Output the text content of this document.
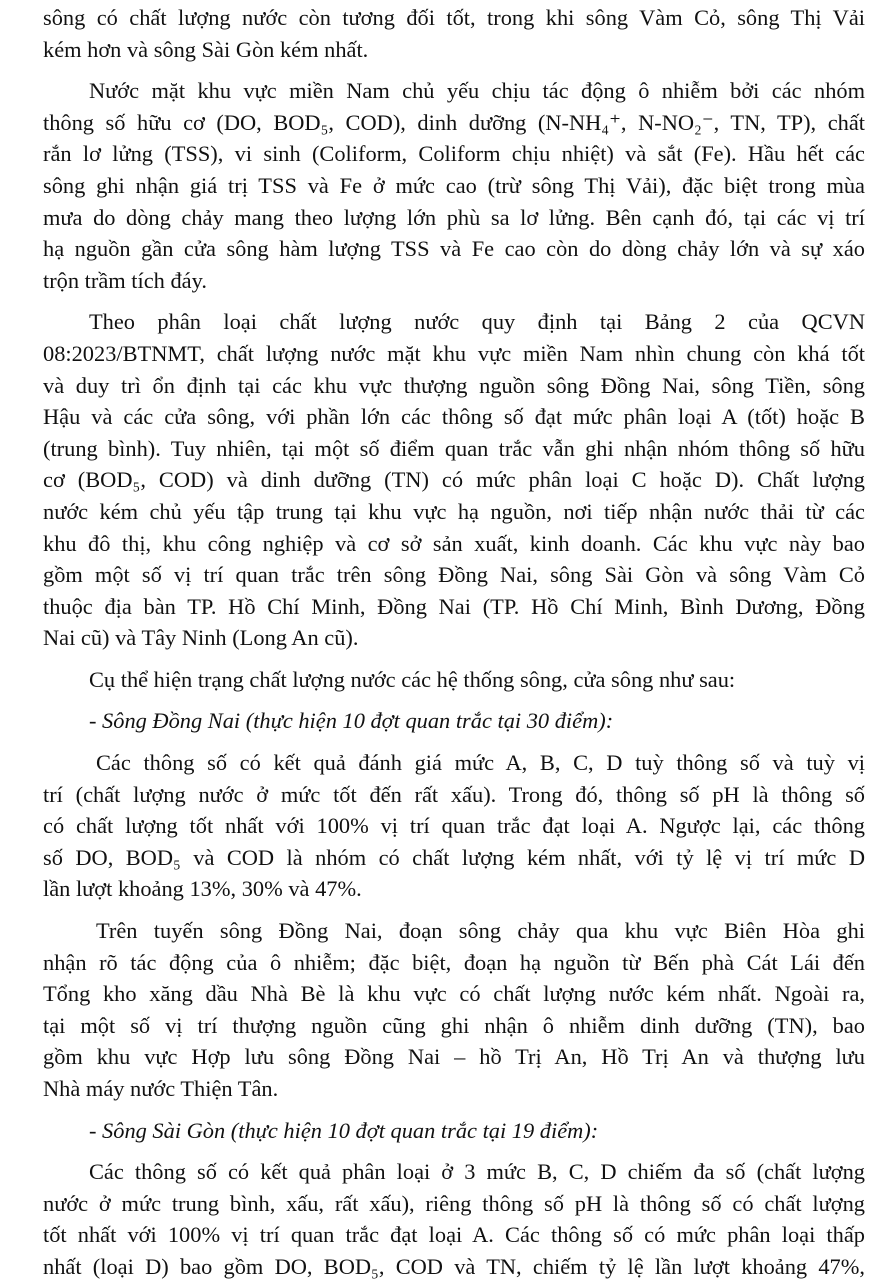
sông có chất lượng nước còn tương đối tốt, trong khi sông Vàm Cỏ, sông Thị Vải
kém hơn và sông Sài Gòn kém nhất.
Nước mặt khu vực miền Nam chủ yếu chịu tác động ô nhiễm bởi các nhóm
thông số hữu cơ (DO, BOD₅, COD), dinh dưỡng (N-NH₄⁺, N-NO₂⁻, TN, TP), chất
rắn lơ lửng (TSS), vi sinh (Coliform, Coliform chịu nhiệt) và sắt (Fe). Hầu hết các
sông ghi nhận giá trị TSS và Fe ở mức cao (trừ sông Thị Vải), đặc biệt trong mùa
mưa do dòng chảy mang theo lượng lớn phù sa lơ lửng. Bên cạnh đó, tại các vị trí
hạ nguồn gần cửa sông hàm lượng TSS và Fe cao còn do dòng chảy lớn và sự xáo
trộn trầm tích đáy.
Theo phân loại chất lượng nước quy định tại Bảng 2 của QCVN
08:2023/BTNMT, chất lượng nước mặt khu vực miền Nam nhìn chung còn khá tốt
và duy trì ổn định tại các khu vực thượng nguồn sông Đồng Nai, sông Tiền, sông
Hậu và các cửa sông, với phần lớn các thông số đạt mức phân loại A (tốt) hoặc B
(trung bình). Tuy nhiên, tại một số điểm quan trắc vẫn ghi nhận nhóm thông số hữu
cơ (BOD₅, COD) và dinh dưỡng (TN) có mức phân loại C hoặc D). Chất lượng
nước kém chủ yếu tập trung tại khu vực hạ nguồn, nơi tiếp nhận nước thải từ các
khu đô thị, khu công nghiệp và cơ sở sản xuất, kinh doanh. Các khu vực này bao
gồm một số vị trí quan trắc trên sông Đồng Nai, sông Sài Gòn và sông Vàm Cỏ
thuộc địa bàn TP. Hồ Chí Minh, Đồng Nai (TP. Hồ Chí Minh, Bình Dương, Đồng
Nai cũ) và Tây Ninh (Long An cũ).
Cụ thể hiện trạng chất lượng nước các hệ thống sông, cửa sông như sau:
- Sông Đồng Nai (thực hiện 10 đợt quan trắc tại 30 điểm):
Các thông số có kết quả đánh giá mức A, B, C, D tuỳ thông số và tuỳ vị
trí (chất lượng nước ở mức tốt đến rất xấu). Trong đó, thông số pH là thông số
có chất lượng tốt nhất với 100% vị trí quan trắc đạt loại A. Ngược lại, các thông
số DO, BOD₅ và COD là nhóm có chất lượng kém nhất, với tỷ lệ vị trí mức D
lần lượt khoảng 13%, 30% và 47%.
Trên tuyến sông Đồng Nai, đoạn sông chảy qua khu vực Biên Hòa ghi
nhận rõ tác động của ô nhiễm; đặc biệt, đoạn hạ nguồn từ Bến phà Cát Lái đến
Tổng kho xăng dầu Nhà Bè là khu vực có chất lượng nước kém nhất. Ngoài ra,
tại một số vị trí thượng nguồn cũng ghi nhận ô nhiễm dinh dưỡng (TN), bao
gồm khu vực Hợp lưu sông Đồng Nai – hồ Trị An, Hồ Trị An và thượng lưu
Nhà máy nước Thiện Tân.
- Sông Sài Gòn (thực hiện 10 đợt quan trắc tại 19 điểm):
Các thông số có kết quả phân loại ở 3 mức B, C, D chiếm đa số (chất lượng
nước ở mức trung bình, xấu, rất xấu), riêng thông số pH là thông số có chất lượng
tốt nhất với 100% vị trí quan trắc đạt loại A. Các thông số có mức phân loại thấp
nhất (loại D) bao gồm DO, BOD₅, COD và TN, chiếm tỷ lệ lần lượt khoảng 47%,
